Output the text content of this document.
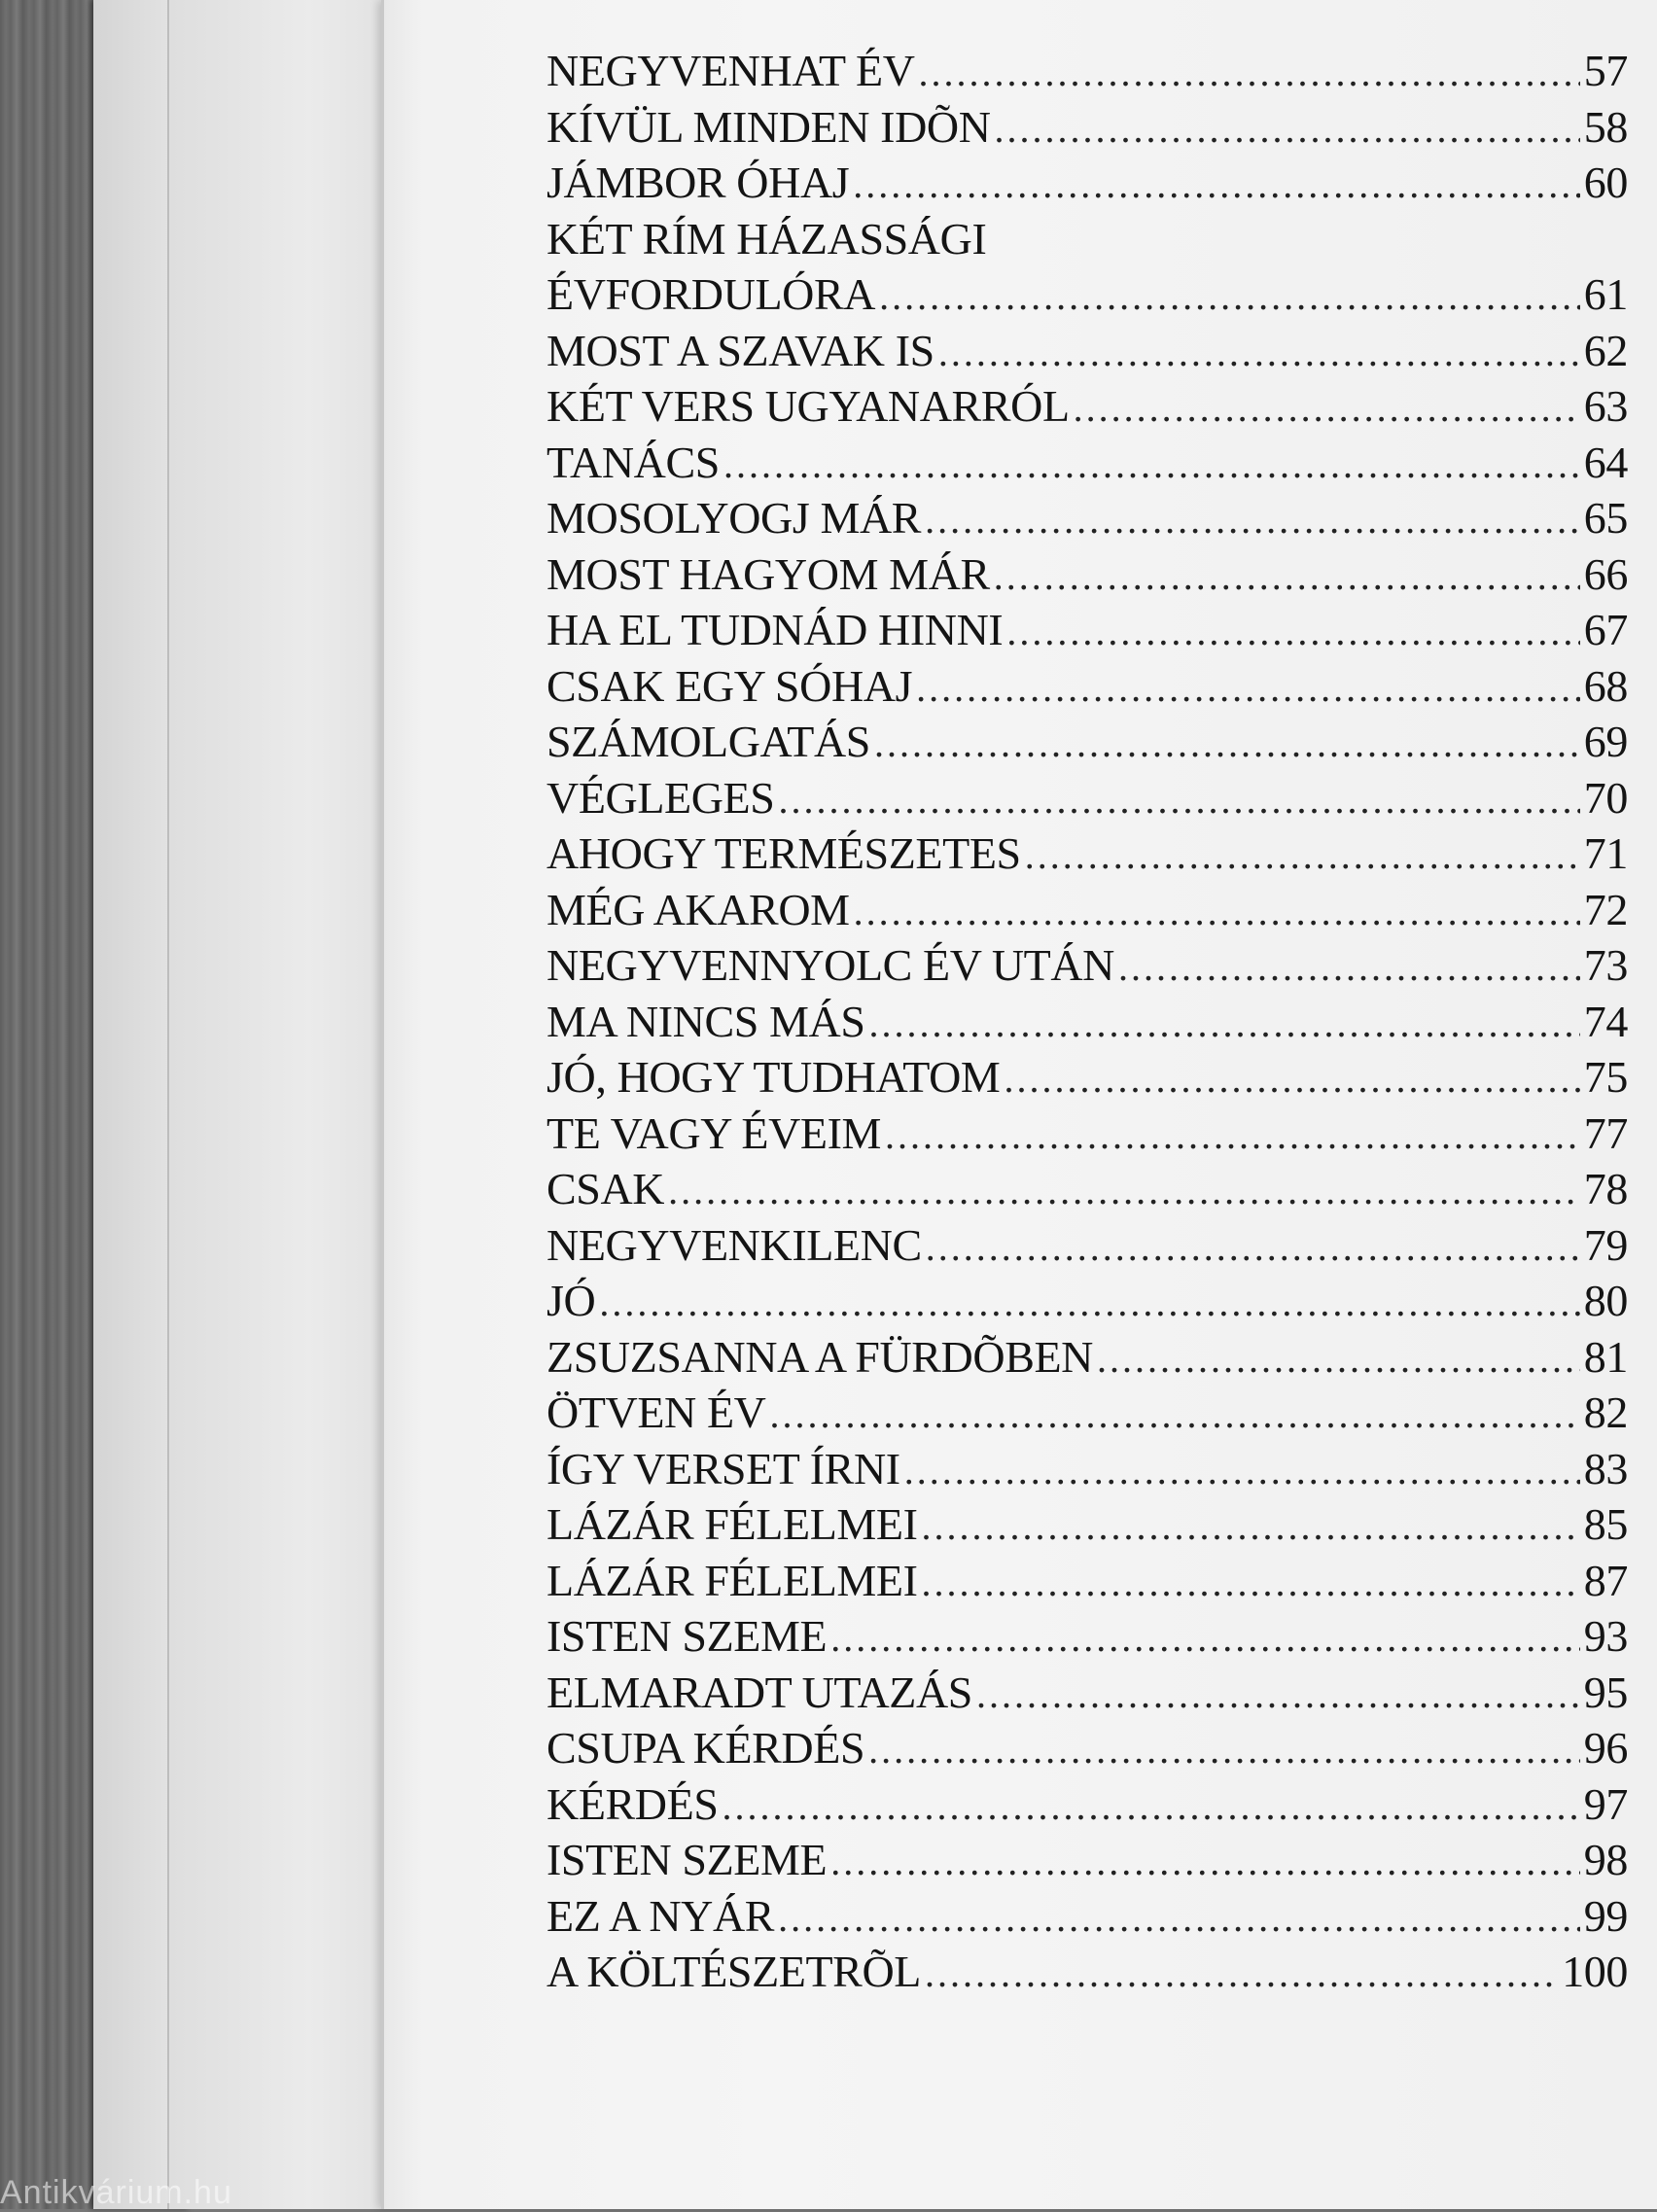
NEGYVENHAT ÉV .....	57
KÍVÜL MINDEN IDÕN .....	58
JÁMBOR ÓHAJ .....	60
KÉT RÍM HÁZASSÁGI
ÉVFORDULÓRA .....	61
MOST A SZAVAK IS .....	62
KÉT VERS UGYANARRÓL .....	63
TANÁCS .....	64
MOSOLYOGJ MÁR .....	65
MOST HAGYOM MÁR .....	66
HA EL TUDNÁD HINNI .....	67
CSAK EGY SÓHAJ .....	68
SZÁMOLGATÁS .....	69
VÉGLEGES .....	70
AHOGY TERMÉSZETES .....	71
MÉG AKAROM .....	72
NEGYVENNYOLC ÉV UTÁN .....	73
MA NINCS MÁS .....	74
JÓ, HOGY TUDHATOM .....	75
TE VAGY ÉVEIM .....	77
CSAK .....	78
NEGYVENKILENC .....	79
JÓ .....	80
ZSUZSANNA A FÜRDÕBEN .....	81
ÖTVEN ÉV .....	82
ÍGY VERSET ÍRNI .....	83
LÁZÁR FÉLELMEI .....	85
LÁZÁR FÉLELMEI .....	87
ISTEN SZEME .....	93
ELMARADT UTAZÁS .....	95
CSUPA KÉRDÉS .....	96
KÉRDÉS .....	97
ISTEN SZEME .....	98
EZ A NYÁR .....	99
A KÖLTÉSZETRÕL .....	100
Antikvárium.hu
